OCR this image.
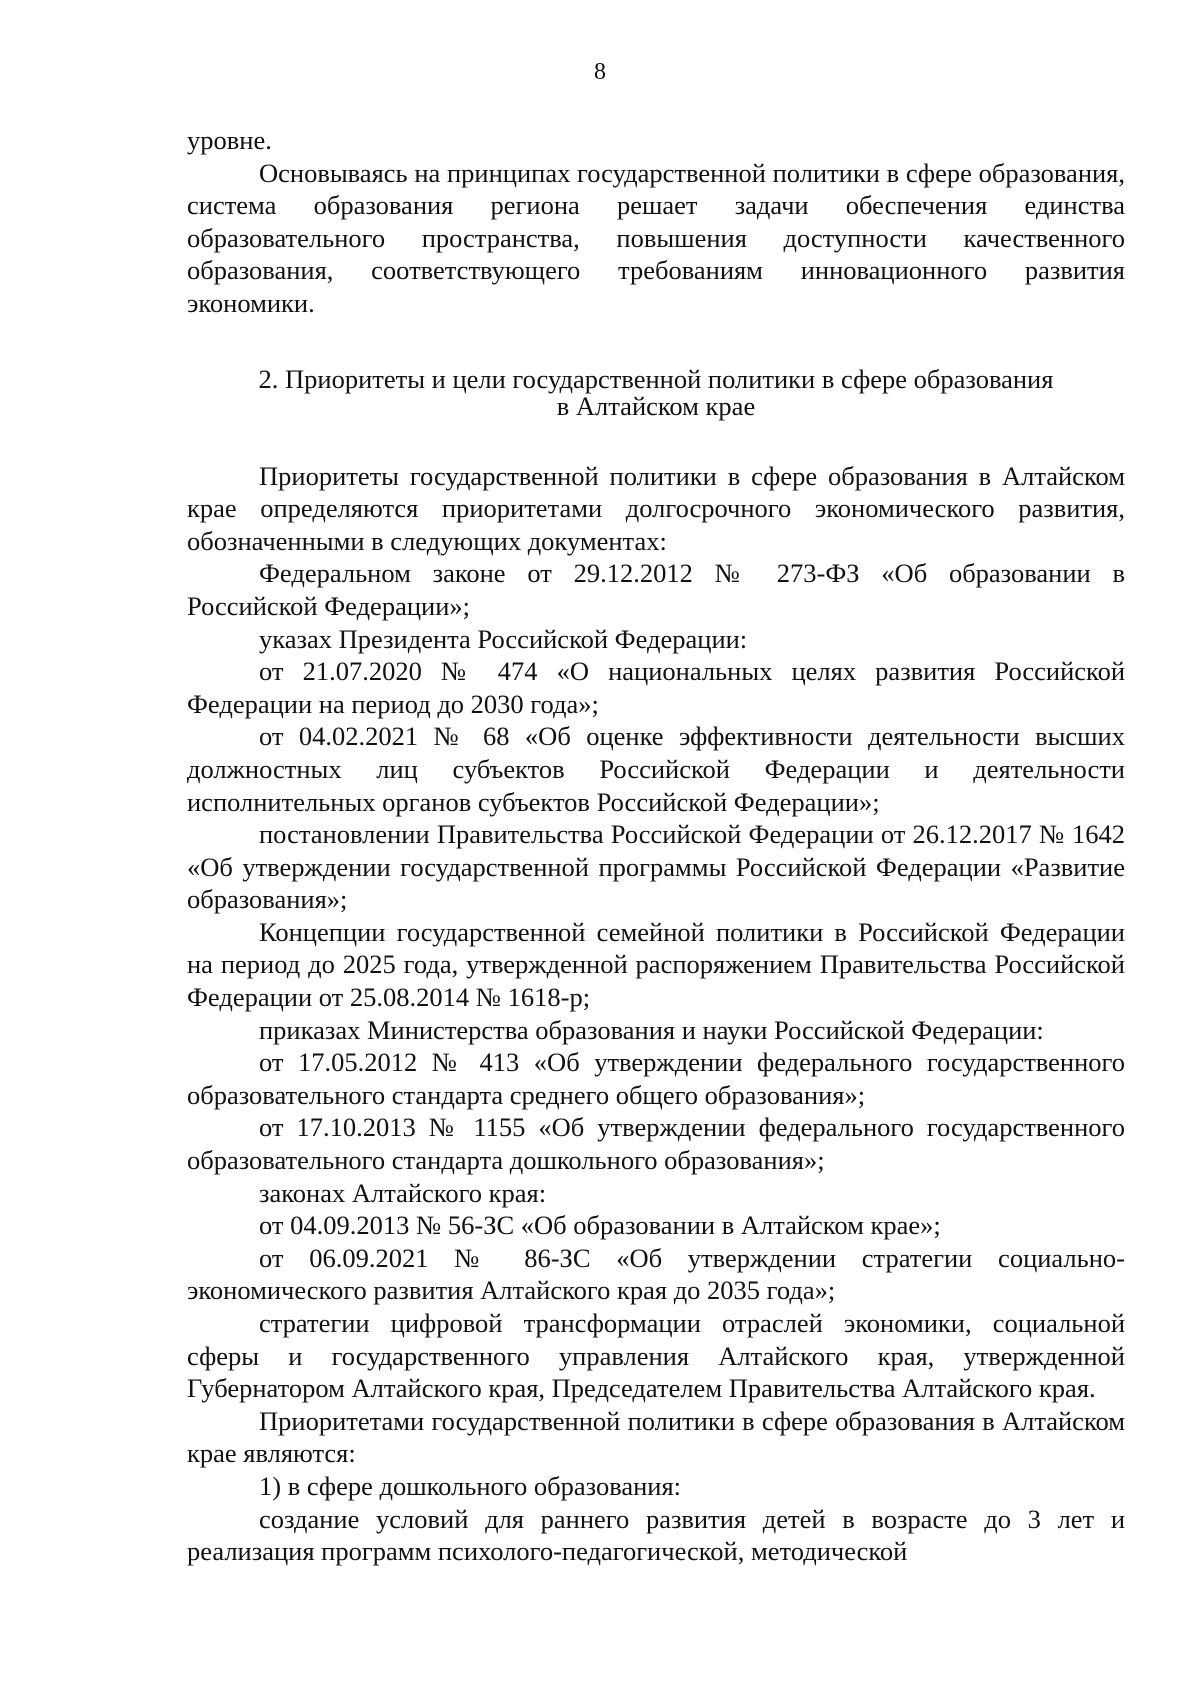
8

уровне.

Основываясь на принципах государственной политики в сфере образования, система образования региона решает задачи обеспечения единства образовательного пространства, повышения доступности качественного образования, соответствующего требованиям инновационного развития экономики.

2. Приоритеты и цели государственной политики в сфере образования
в Алтайском крае

Приоритеты государственной политики в сфере образования в Алтайском крае определяются приоритетами долгосрочного экономического развития, обозначенными в следующих документах:

Федеральном законе от 29.12.2012 № 273-ФЗ «Об образовании в Российской Федерации»;

указах Президента Российской Федерации:

от 21.07.2020 № 474 «О национальных целях развития Российской Федерации на период до 2030 года»;

от 04.02.2021 № 68 «Об оценке эффективности деятельности высших должностных лиц субъектов Российской Федерации и деятельности исполнительных органов субъектов Российской Федерации»;

постановлении Правительства Российской Федерации от 26.12.2017 № 1642 «Об утверждении государственной программы Российской Федерации «Развитие образования»;

Концепции государственной семейной политики в Российской Федерации на период до 2025 года, утвержденной распоряжением Правительства Российской Федерации от 25.08.2014 № 1618-р;

приказах Министерства образования и науки Российской Федерации:

от 17.05.2012 № 413 «Об утверждении федерального государственного образовательного стандарта среднего общего образования»;

от 17.10.2013 № 1155 «Об утверждении федерального государственного образовательного стандарта дошкольного образования»;

законах Алтайского края:

от 04.09.2013 № 56-ЗС «Об образовании в Алтайском крае»;

от 06.09.2021 № 86-ЗС «Об утверждении стратегии социально-экономического развития Алтайского края до 2035 года»;

стратегии цифровой трансформации отраслей экономики, социальной сферы и государственного управления Алтайского края, утвержденной Губернатором Алтайского края, Председателем Правительства Алтайского края.

Приоритетами государственной политики в сфере образования в Алтайском крае являются:

1) в сфере дошкольного образования:

создание условий для раннего развития детей в возрасте до 3 лет и реализация программ психолого-педагогической, методической
